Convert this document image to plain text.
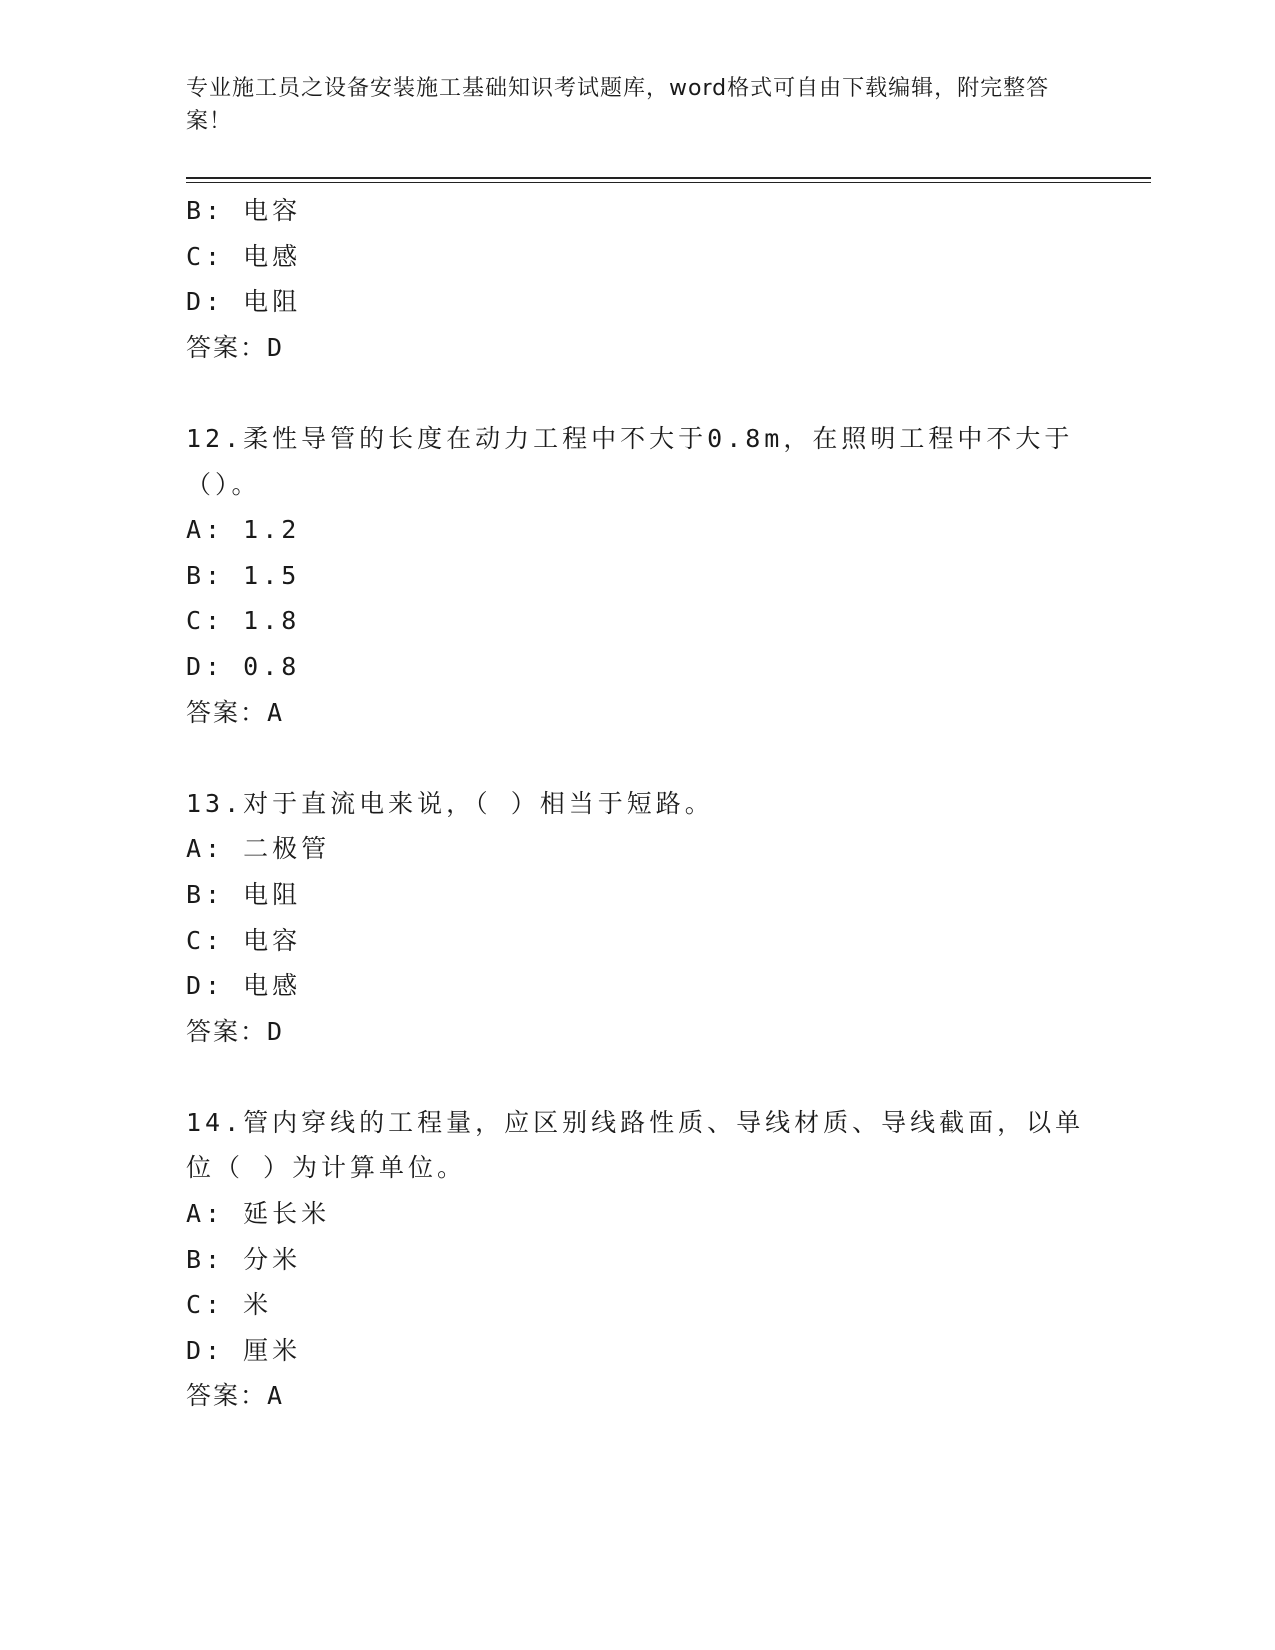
专业施工员之设备安装施工基础知识考试题库，word格式可自由下载编辑，附完整答案！
B: 电容
C: 电感
D: 电阻
答案：D
12.柔性导管的长度在动力工程中不大于0.8m，在照明工程中不大于（）。
A: 1.2
B: 1.5
C: 1.8
D: 0.8
答案：A
13.对于直流电来说，（ ）相当于短路。
A: 二极管
B: 电阻
C: 电容
D: 电感
答案：D
14.管内穿线的工程量，应区别线路性质、导线材质、导线截面，以单位（ ）为计算单位。
A: 延长米
B: 分米
C: 米
D: 厘米
答案：A
